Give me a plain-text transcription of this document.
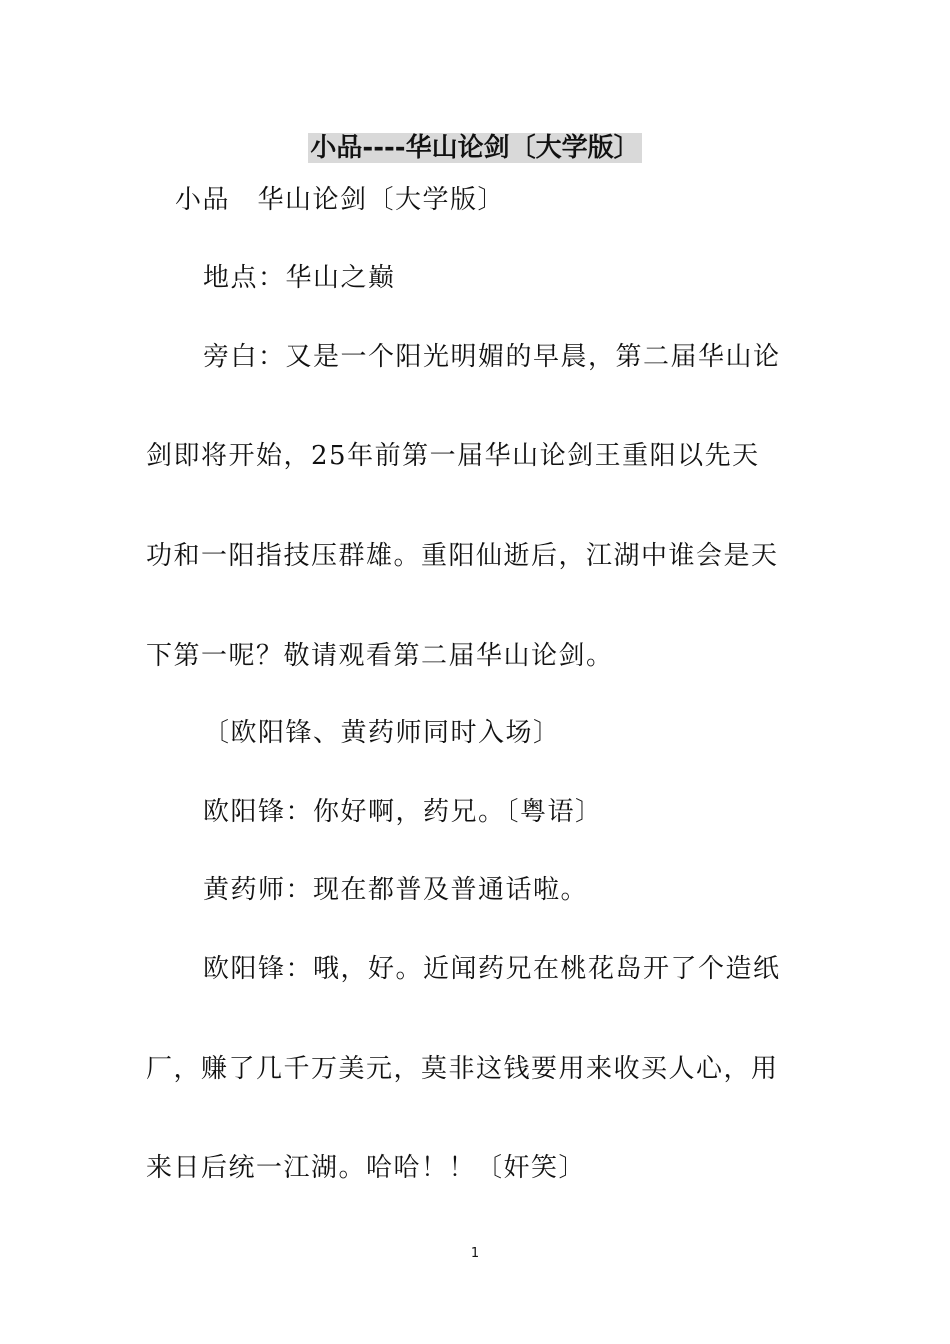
小品----华山论剑〔大学版〕
小品　华山论剑〔大学版〕
地点：华山之巅
旁白：又是一个阳光明媚的早晨，第二届华山论
剑即将开始，25年前第一届华山论剑王重阳以先天
功和一阳指技压群雄。重阳仙逝后，江湖中谁会是天
下第一呢？敬请观看第二届华山论剑。
〔欧阳锋、黄药师同时入场〕
欧阳锋：你好啊，药兄。〔粤语〕
黄药师：现在都普及普通话啦。
欧阳锋：哦，好。近闻药兄在桃花岛开了个造纸
厂，赚了几千万美元，莫非这钱要用来收买人心，用
来日后统一江湖。哈哈！！〔奸笑〕
1
